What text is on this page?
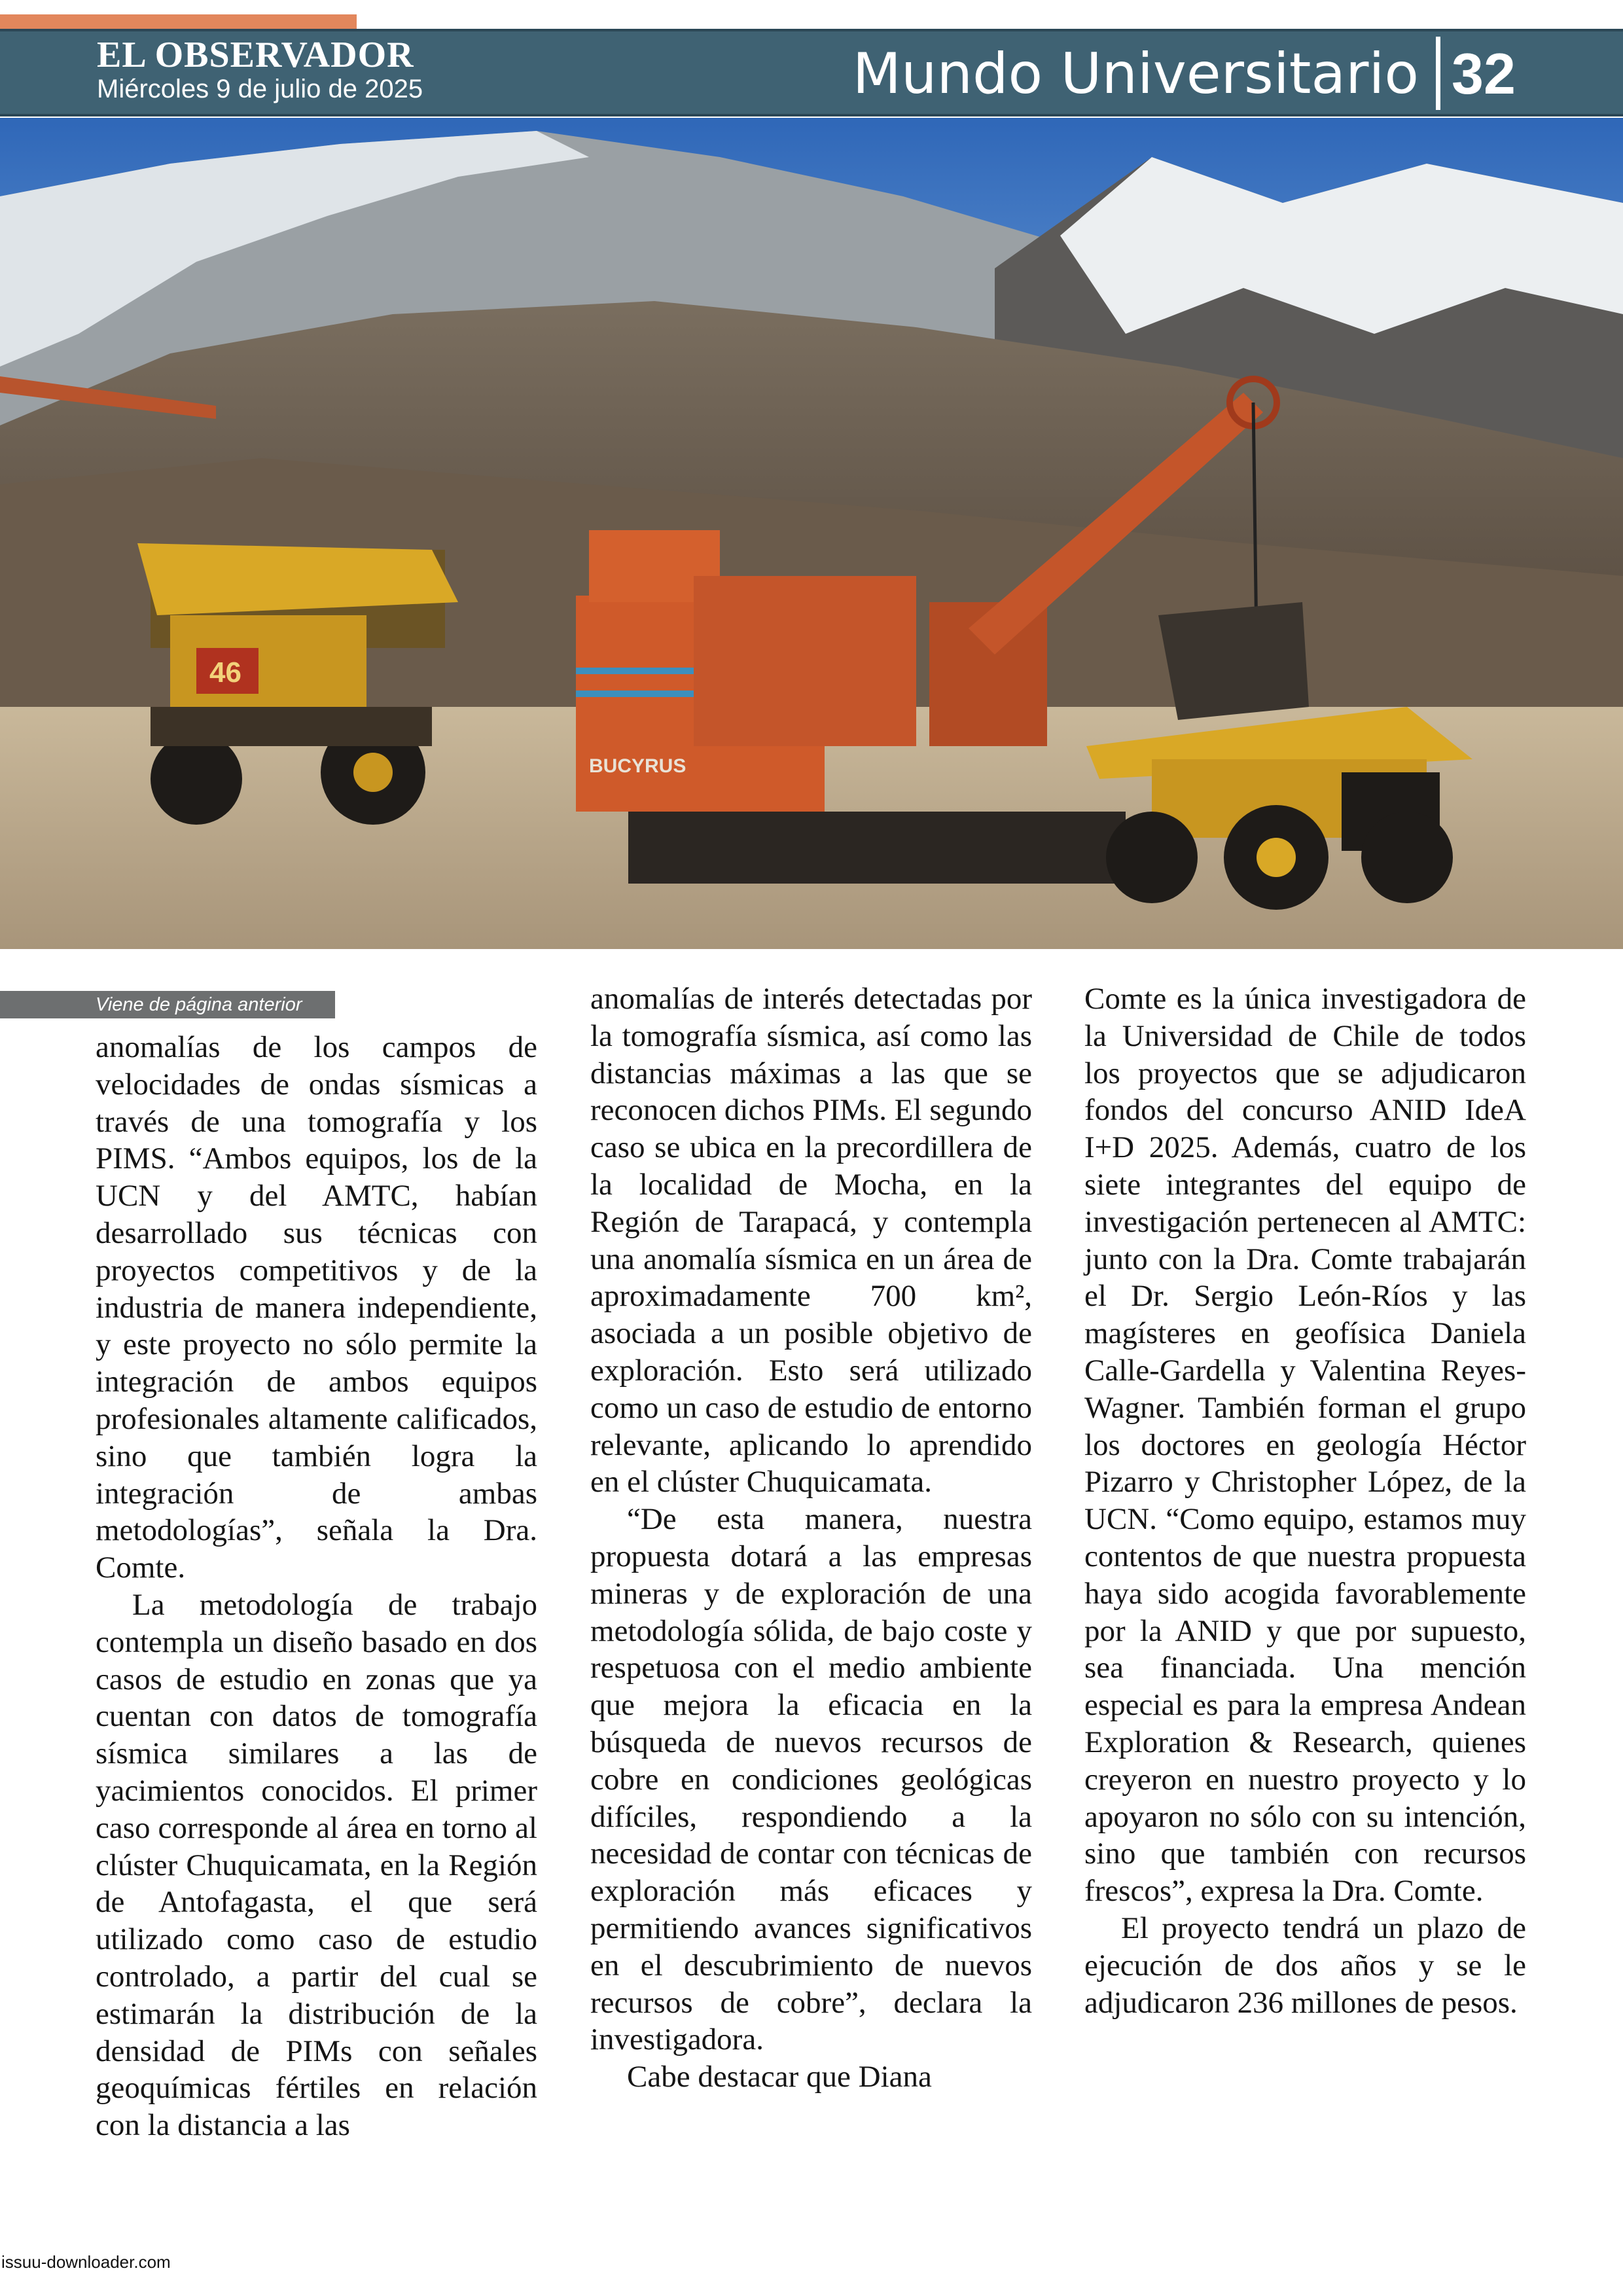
EL OBSERVADOR
Miércoles 9 de julio de 2025	Mundo Universitario 32
46
BUCYRUS
Viene de página anterior

anomalías de los campos de velocidades de ondas sísmicas a través de una tomografía y los PIMS. “Ambos equipos, los de la UCN y del AMTC, habían desarrollado sus técnicas con proyectos competitivos y de la industria de manera independiente, y este proyecto no sólo permite la integración de ambos equipos profesionales altamente calificados, sino que también logra la integración de ambas metodologías”, señala la Dra. Comte.

La metodología de trabajo contempla un diseño basado en dos casos de estudio en zonas que ya cuentan con datos de tomografía sísmica similares a las de yacimientos conocidos. El primer caso corresponde al área en torno al clúster Chuquicamata, en la Región de Antofagasta, el que será utilizado como caso de estudio controlado, a partir del cual se estimarán la distribución de la densidad de PIMs con señales geoquímicas fértiles en relación con la distancia a las

anomalías de interés detectadas por la tomografía sísmica, así como las distancias máximas a las que se reconocen dichos PIMs. El segundo caso se ubica en la precordillera de la localidad de Mocha, en la Región de Tarapacá, y contempla una anomalía sísmica en un área de aproximadamente 700 km², asociada a un posible objetivo de exploración. Esto será utilizado como un caso de estudio de entorno relevante, aplicando lo aprendido en el clúster Chuquicamata.

“De esta manera, nuestra propuesta dotará a las empresas mineras y de exploración de una metodología sólida, de bajo coste y respetuosa con el medio ambiente que mejora la eficacia en la búsqueda de nuevos recursos de cobre en condiciones geológicas difíciles, respondiendo a la necesidad de contar con técnicas de exploración más eficaces y permitiendo avances significativos en el descubrimiento de nuevos recursos de cobre”, declara la investigadora.

Cabe destacar que Diana

Comte es la única investigadora de la Universidad de Chile de todos los proyectos que se adjudicaron fondos del concurso ANID IdeA I+D 2025. Además, cuatro de los siete integrantes del equipo de investigación pertenecen al AMTC: junto con la Dra. Comte trabajarán el Dr. Sergio León-Ríos y las magísteres en geofísica Daniela Calle-Gardella y Valentina Reyes-Wagner. También forman el grupo los doctores en geología Héctor Pizarro y Christopher López, de la UCN. “Como equipo, estamos muy contentos de que nuestra propuesta haya sido acogida favorablemente por la ANID y que por supuesto, sea financiada. Una mención especial es para la empresa Andean Exploration & Research, quienes creyeron en nuestro proyecto y lo apoyaron no sólo con su intención, sino que también con recursos frescos”, expresa la Dra. Comte.

El proyecto tendrá un plazo de ejecución de dos años y se le adjudicaron 236 millones de pesos.

issuu-downloader.com
